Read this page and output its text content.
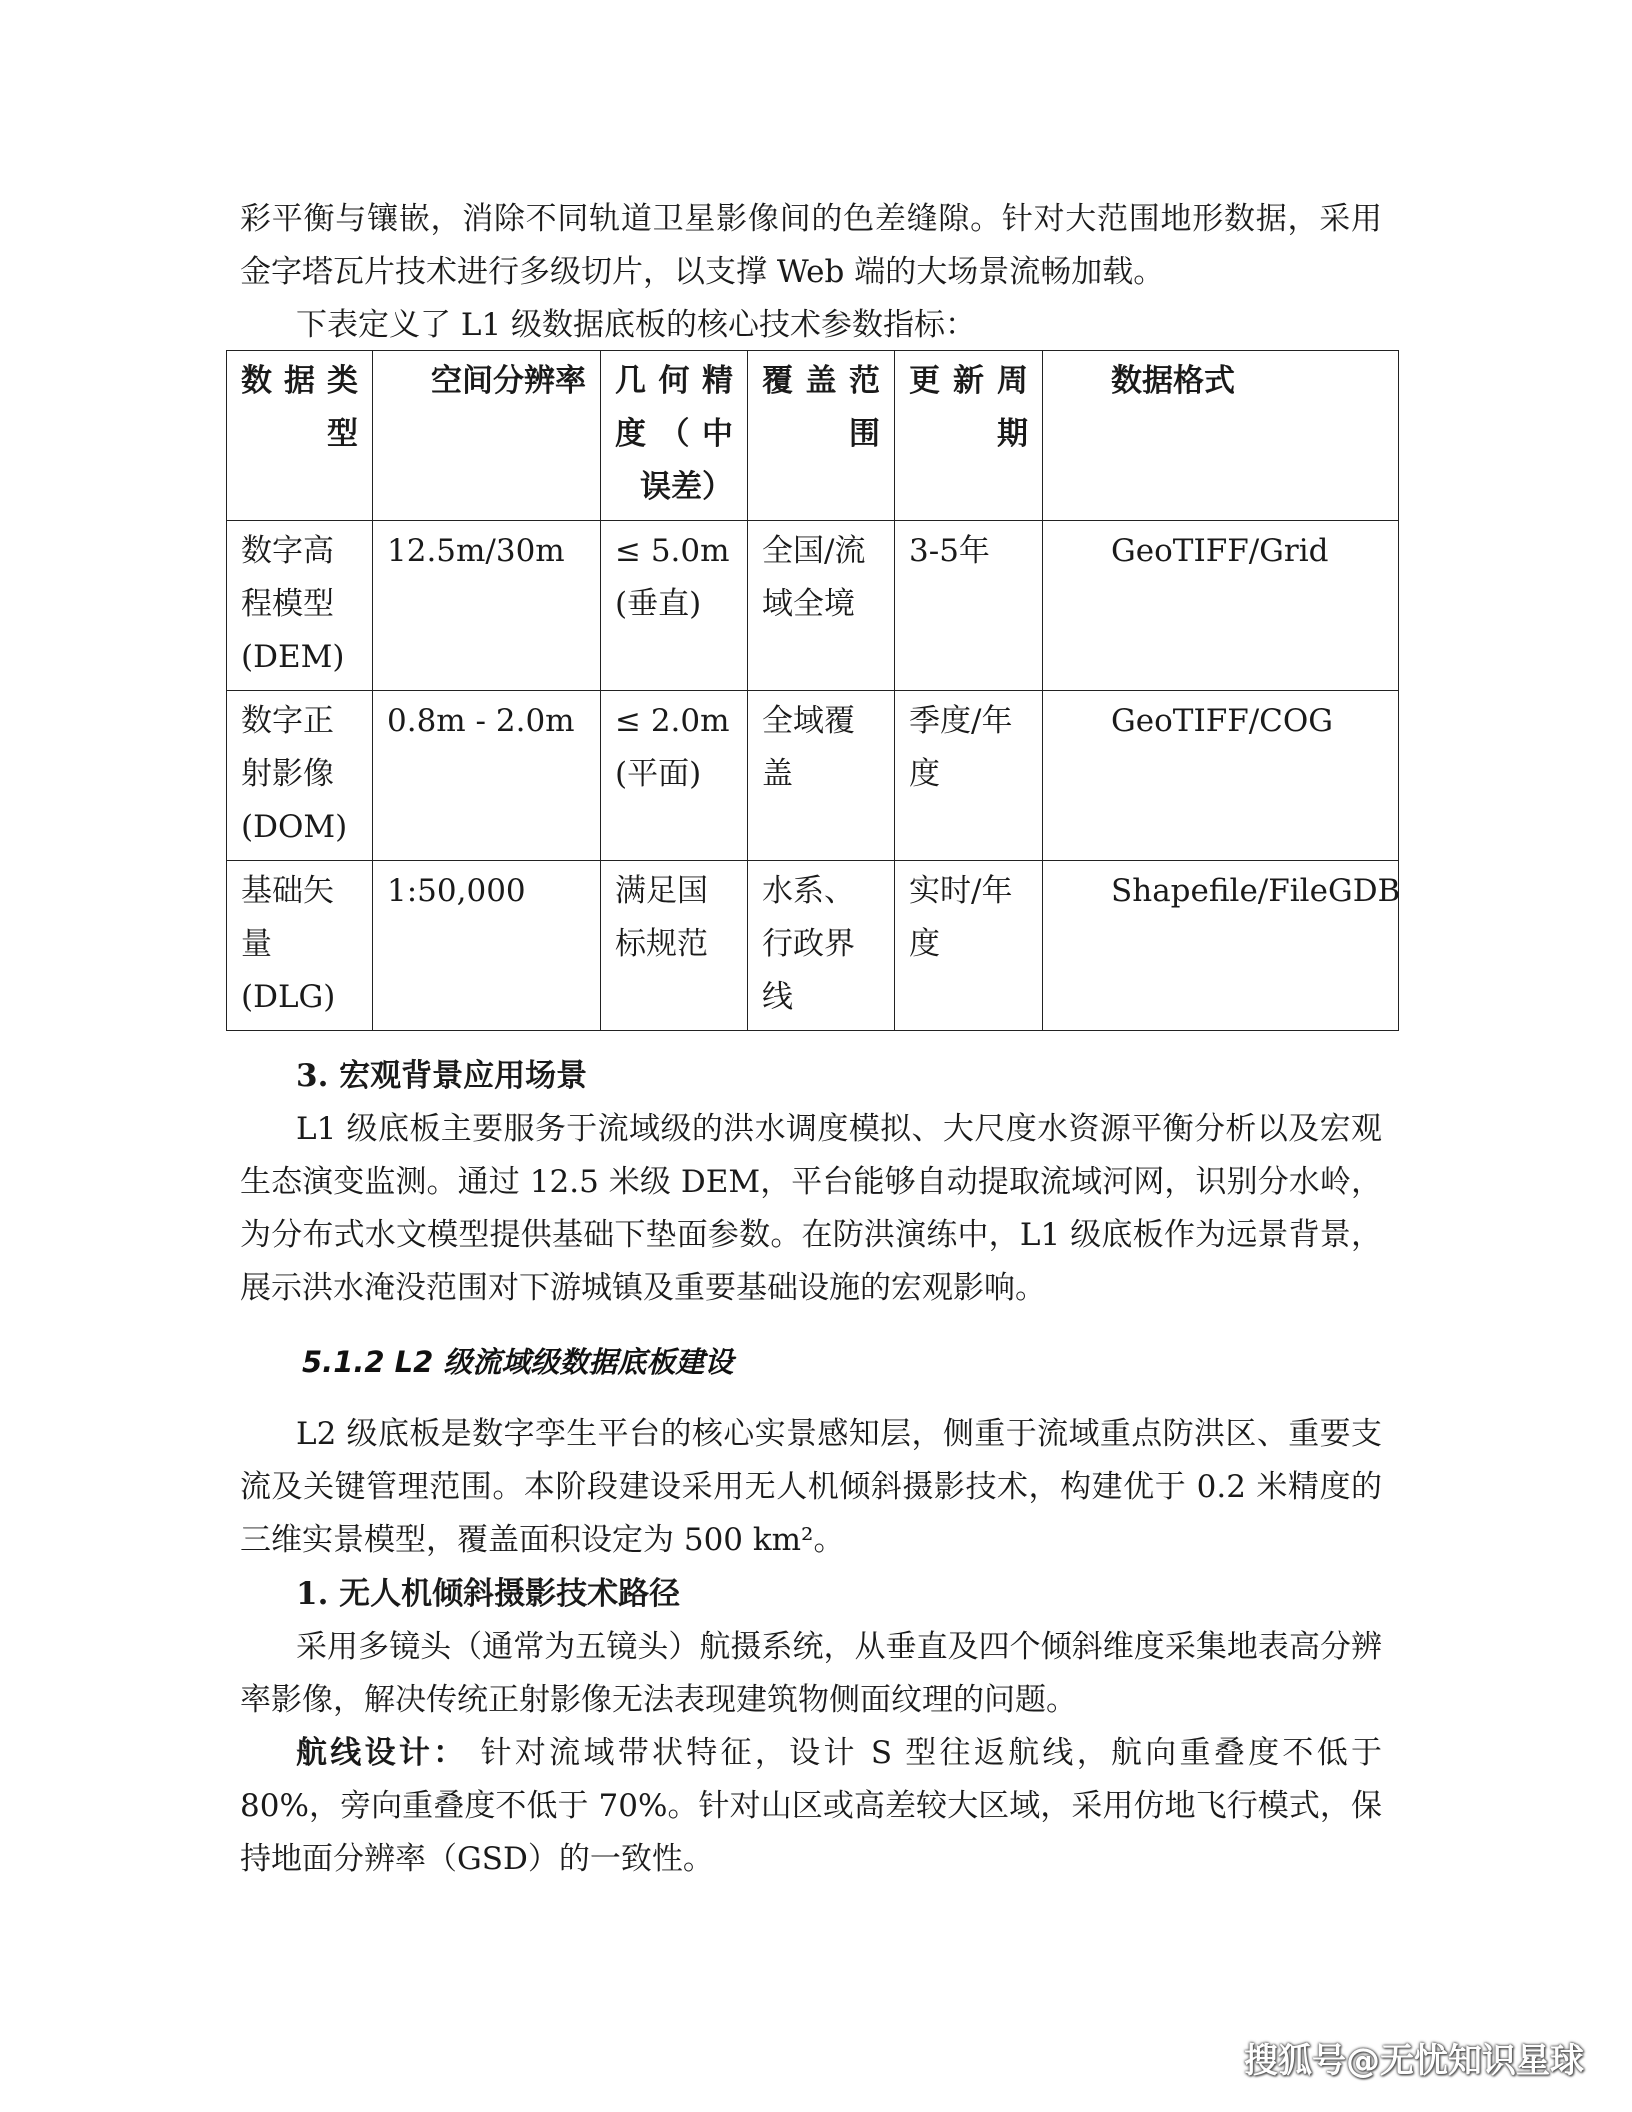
彩平衡与镶嵌，消除不同轨道卫星影像间的色差缝隙。针对大范围地形数据，采用金字塔瓦片技术进行多级切片，以支撑 Web 端的大场景流畅加载。

下表定义了 L1 级数据底板的核心技术参数指标：

数据类型	空间分辨率	几何精度（中误差）	覆盖范围	更新周期	数据格式

数字高程模型(DEM)	12.5m/30m	≤ 5.0m (垂直)	全国/流域全境	3-5年	GeoTIFF/Grid
数字正射影像(DOM)	0.8m - 2.0m	≤ 2.0m (平面)	全域覆盖	季度/年度	GeoTIFF/COG
基础矢量(DLG)	1:50,000	满足国标规范	水系、行政界线	实时/年度	Shapefile/FileGDB

3. 宏观背景应用场景

L1 级底板主要服务于流域级的洪水调度模拟、大尺度水资源平衡分析以及宏观生态演变监测。通过 12.5 米级 DEM，平台能够自动提取流域河网，识别分水岭，为分布式水文模型提供基础下垫面参数。在防洪演练中，L1 级底板作为远景背景，展示洪水淹没范围对下游城镇及重要基础设施的宏观影响。

5.1.2 L2 级流域级数据底板建设

L2 级底板是数字孪生平台的核心实景感知层，侧重于流域重点防洪区、重要支流及关键管理范围。本阶段建设采用无人机倾斜摄影技术，构建优于 0.2 米精度的三维实景模型，覆盖面积设定为 500 km²。

1. 无人机倾斜摄影技术路径

采用多镜头（通常为五镜头）航摄系统，从垂直及四个倾斜维度采集地表高分辨率影像，解决传统正射影像无法表现建筑物侧面纹理的问题。

航线设计： 针对流域带状特征，设计 S 型往返航线，航向重叠度不低于 80%，旁向重叠度不低于 70%。针对山区或高差较大区域，采用仿地飞行模式，保持地面分辨率（GSD）的一致性。

搜狐号@无忧知识星球
